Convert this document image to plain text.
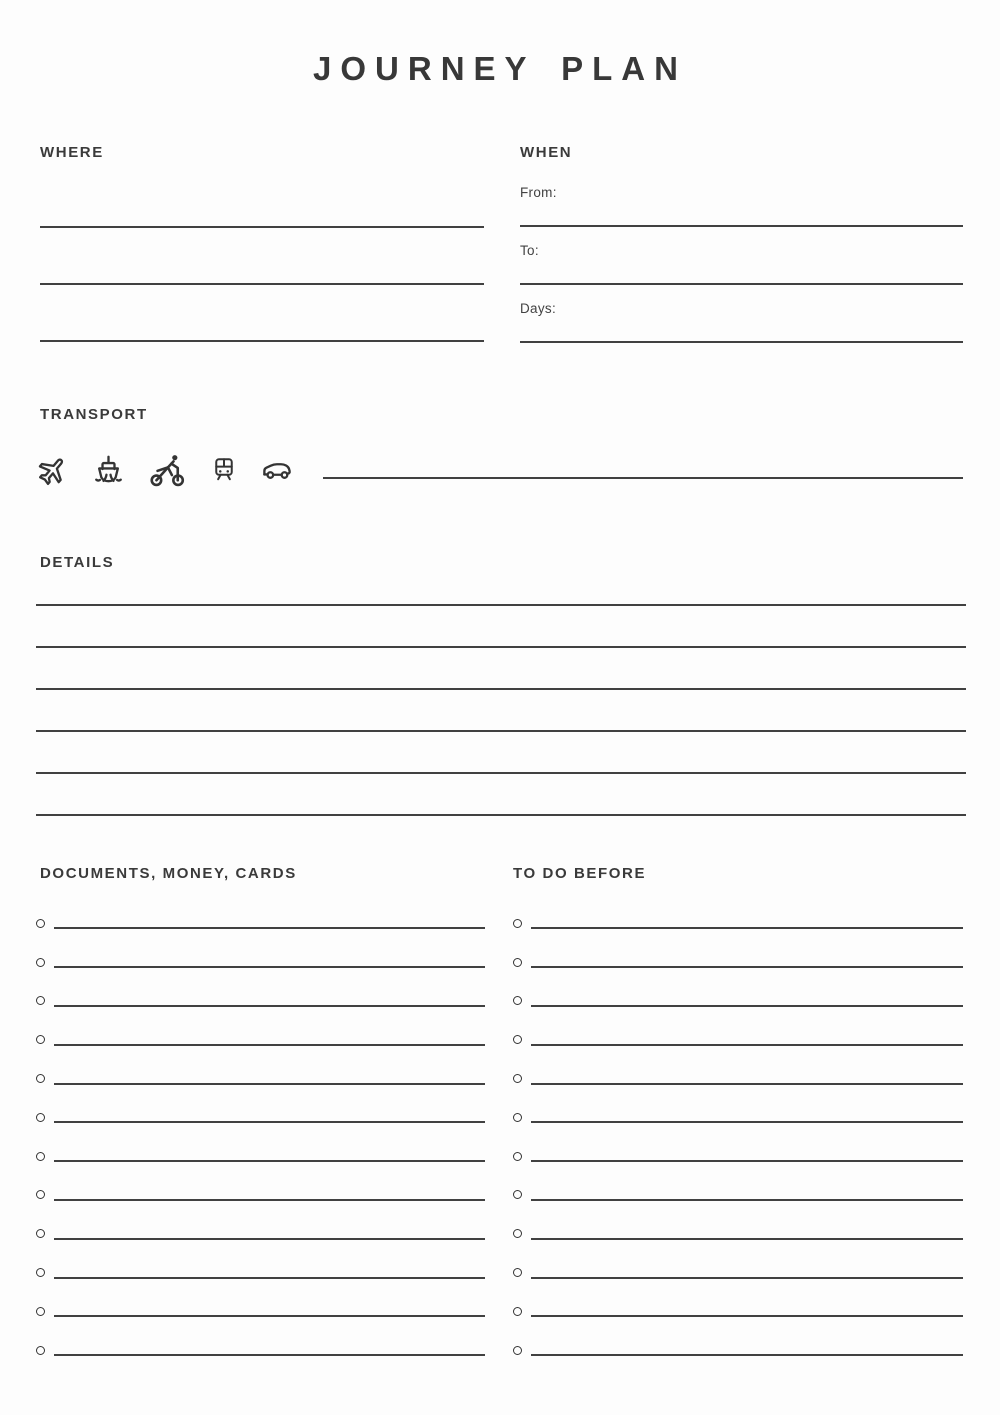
JOURNEY PLAN
WHERE	WHEN
From:
To:
Days:
TRANSPORT
DETAILS
DOCUMENTS, MONEY, CARDS	TO DO BEFORE
